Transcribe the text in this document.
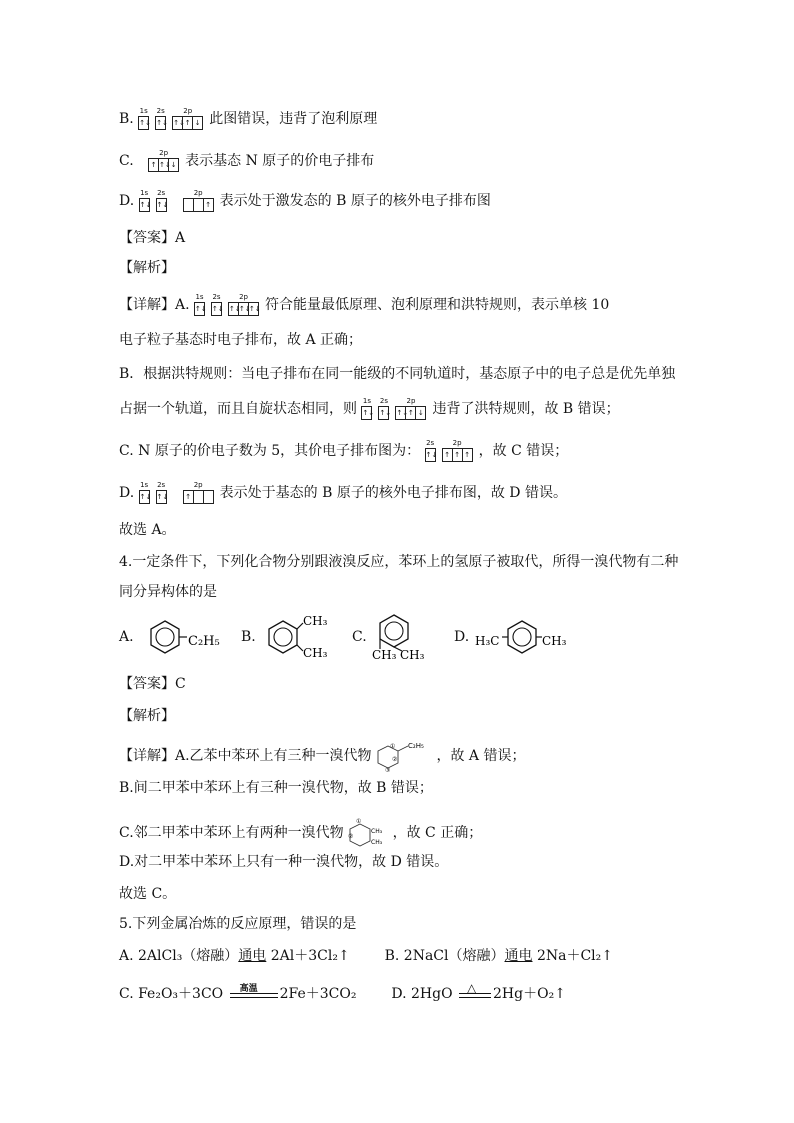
B. 1s
↑↓
2s
↑↓
2p
↑↓ ↑ ↓ 此图错误，违背了泡利原理
C.	2p
↑ ↑↓ ↓ 表示基态 N 原子的价电子排布
D. 1s
↑↓
2s
↑↓
2p
↑ 表示处于激发态的 B 原子的核外电子排布图
【答案】A
【解析】
【详解】A. 1s
↑↓
2s
↑↓
2p
↑↓
↑↓
↑↓ 符合能量最低原理、泡利原理和洪特规则，表示单核 10
电子粒子基态时电子排布，故 A 正确；
B．根据洪特规则：当电子排布在同一能级的不同轨道时，基态原子中的电子总是优先单独
占据一个轨道，而且自旋状态相同，则 1s
↑↓
2s
↑↓
2p
↑↓ ↑ ↓ 违背了洪特规则，故 B 错误；
C. N 原子的价电子数为 5，其价电子排布图为： 2s
↑↓
2p
↑ ↑ ↑ ，故 C 错误；
D. 1s
↑↓
2s
↑↓
2p
↑ 表示处于基态的 B 原子的核外电子排布图，故 D 错误。
故选 A。
4.一定条件下，下列化合物分别跟液溴反应，苯环上的氢原子被取代，所得一溴代物有二种
同分异构体的是
A.	C₂H₅ B.
CH₃
CH₃
C.
CH₃ CH₃
D. H₃C	CH₃
【答案】C
【解析】
【详解】A.乙苯中苯环上有三种一溴代物
C₂H₅
①
②
③
，故 A 错误；
B.间二甲苯中苯环上有三种一溴代物，故 B 错误；
C.邻二甲苯中苯环上有两种一溴代物
①
②
CH₃
CH₃
，故 C 正确；
D.对二甲苯中苯环上只有一种一溴代物，故 D 错误。
故选 C。
5.下列金属冶炼的反应原理，错误的是
A. 2AlCl₃（熔融）通电 2Al＋3Cl₂↑ B. 2NaCl（熔融）通电 2Na＋Cl₂↑
C. Fe₂O₃＋3CO 高温 2Fe＋3CO₂ D. 2HgO △ 2Hg＋O₂↑
